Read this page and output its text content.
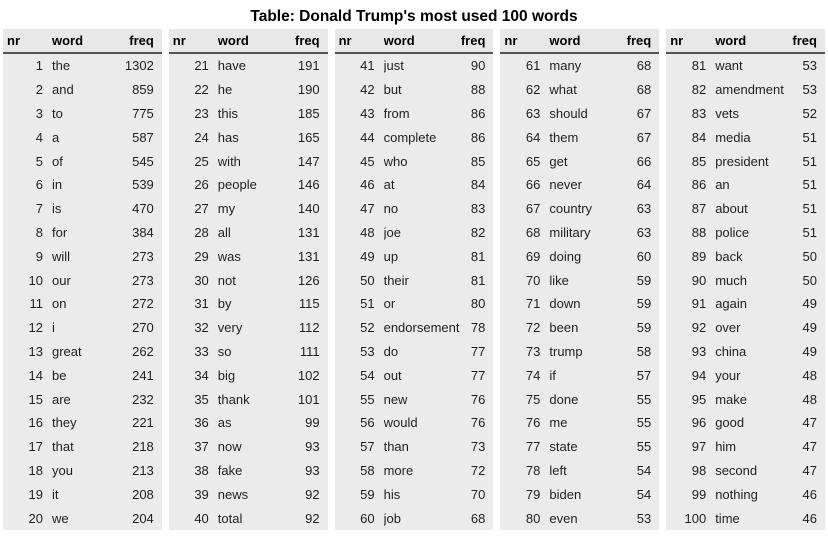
Table: Donald Trump's most used 100 words
nr	word	freq
1 the	1302
2 and	859
3 to	775
4 a	587
5 of	545
6 in	539
7 is	470
8 for	384
9 will	273
10 our	273
11 on	272
12 i	270
13 great	262
14 be	241
15 are	232
16 they	221
17 that	218
18 you	213
19 it	208
20 we	204
nr	word	freq
21 have	191
22 he	190
23 this	185
24 has	165
25 with	147
26 people	146
27 my	140
28 all	131
29 was	131
30 not	126
31 by	115
32 very	112
33 so	111
34 big	102
35 thank	101
36 as	99
37 now	93
38 fake	93
39 news	92
40 total	92
nr	word	freq
41 just	90
42 but	88
43 from	86
44 complete	86
45 who	85
46 at	84
47 no	83
48 joe	82
49 up	81
50 their	81
51 or	80
52 endorsement 78
53 do	77
54 out	77
55 new	76
56 would	76
57 than	73
58 more	72
59 his	70
60 job	68
nr	word	freq
61 many	68
62 what	68
63 should	67
64 them	67
65 get	66
66 never	64
67 country	63
68 military	63
69 doing	60
70 like	59
71 down	59
72 been	59
73 trump	58
74 if	57
75 done	55
76 me	55
77 state	55
78 left	54
79 biden	54
80 even	53
nr	word	freq
81 want	53
82 amendment	53
83 vets	52
84 media	51
85 president	51
86 an	51
87 about	51
88 police	51
89 back	50
90 much	50
91 again	49
92 over	49
93 china	49
94 your	48
95 make	48
96 good	47
97 him	47
98 second	47
99 nothing	46
100 time	46
